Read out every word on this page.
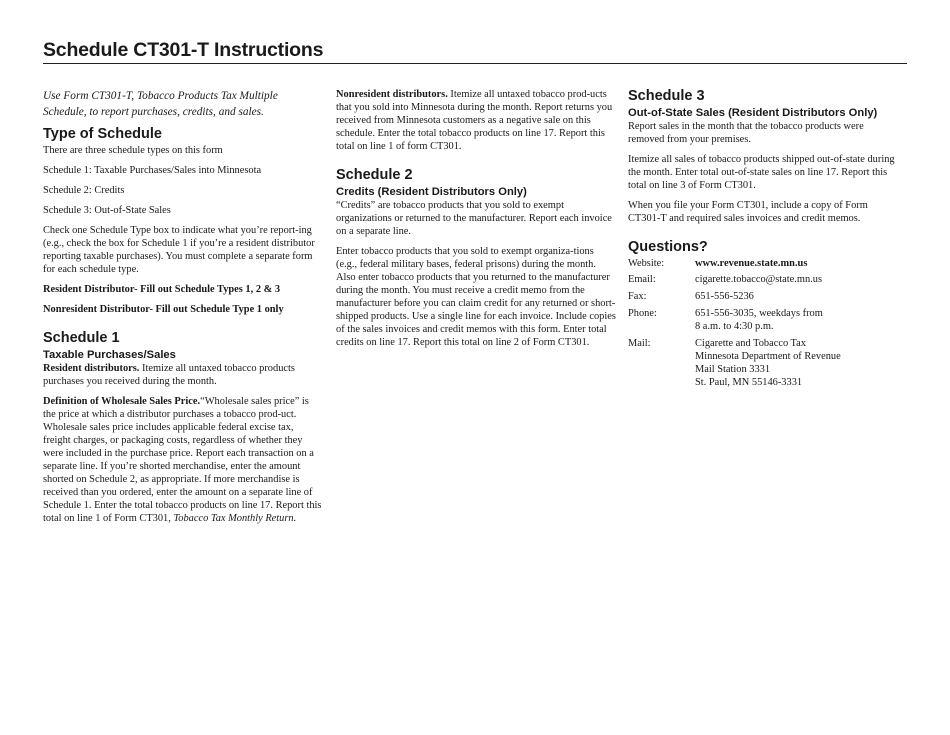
Schedule CT301-T Instructions

Use Form CT301-T, Tobacco Products Tax Multiple Schedule, to report purchases, credits, and sales.

Type of Schedule

There are three schedule types on this form

Schedule 1: Taxable Purchases/Sales into Minnesota

Schedule 2: Credits

Schedule 3: Out-of-State Sales

Check one Schedule Type box to indicate what you’re report-ing (e.g., check the box for Schedule 1 if you’re a resident distributor reporting taxable purchases). You must complete a separate form for each schedule type.

Resident Distributor- Fill out Schedule Types 1, 2 & 3

Nonresident Distributor- Fill out Schedule Type 1 only

Schedule 1
Taxable Purchases/Sales

Resident distributors. Itemize all untaxed tobacco products purchases you received during the month.

Definition of Wholesale Sales Price.“Wholesale sales price” is the price at which a distributor purchases a tobacco prod-uct. Wholesale sales price includes applicable federal excise tax, freight charges, or packaging costs, regardless of whether they were included in the purchase price. Report each transaction on a separate line. If you’re shorted merchandise, enter the amount shorted on Schedule 2, as appropriate. If more merchandise is received than you ordered, enter the amount on a separate line of Schedule 1. Enter the total tobacco products on line 17. Report this total on line 1 of Form CT301, Tobacco Tax Monthly Return.

Nonresident distributors. Itemize all untaxed tobacco prod-ucts that you sold into Minnesota during the month. Report returns you received from Minnesota customers as a negative sale on this schedule. Enter the total tobacco products on line 17. Report this total on line 1 of form CT301.

Schedule 2
Credits (Resident Distributors Only)

“Credits” are tobacco products that you sold to exempt organizations or returned to the manufacturer. Report each invoice on a separate line.

Enter tobacco products that you sold to exempt organiza-tions (e.g., federal military bases, federal prisons) during the month. Also enter tobacco products that you returned to the manufacturer during the month. You must receive a credit memo from the manufacturer before you can claim credit for any returned or short-shipped products. Use a single line for each invoice. Include copies of the sales invoices and credit memos with this form. Enter total credits on line 17. Report this total on line 2 of Form CT301.

Schedule 3
Out-of-State Sales (Resident Distributors Only)

Report sales in the month that the tobacco products were removed from your premises.

Itemize all sales of tobacco products shipped out-of-state during the month. Enter total out-of-state sales on line 17. Report this total on line 3 of Form CT301.

When you file your Form CT301, include a copy of Form CT301-T and required sales invoices and credit memos.

Questions?
Website:	www.revenue.state.mn.us
Email:	cigarette.tobacco@state.mn.us
Fax:	651-556-5236
Phone:	651-556-3035, weekdays from
8 a.m. to 4:30 p.m.

Mail:	Cigarette and Tobacco Tax
Minnesota Department of Revenue
Mail Station 3331
St. Paul, MN 55146-3331
